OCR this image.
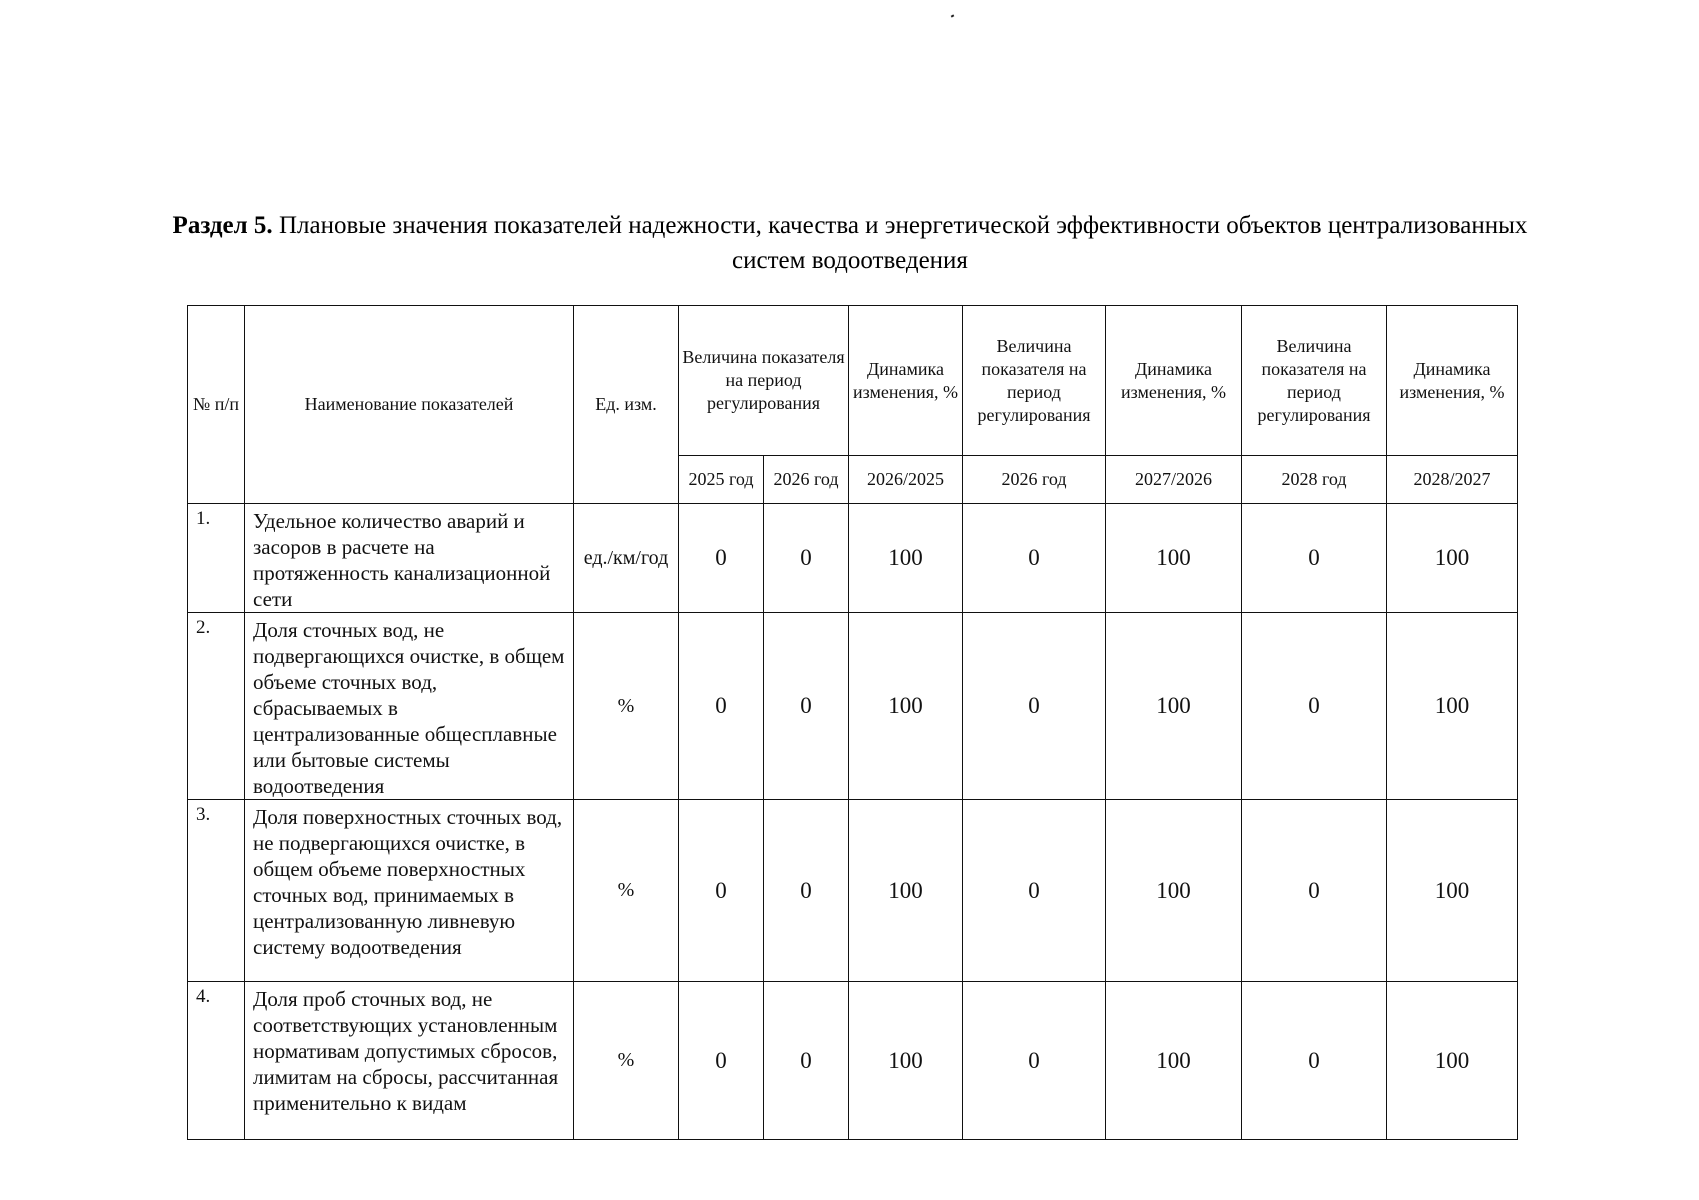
Раздел 5. Плановые значения показателей надежности, качества и энергетической эффективности объектов централизованных систем водоотведения
№ п/п	Наименование показателей	Ед. изм.	Величина показателя на период регулирования		Динамика изменения, %	Величина показателя на период регулирования	Динамика изменения, %	Величина показателя на период регулирования	Динамика изменения, %
			2025 год	2026 год	2026/2025	2026 год	2027/2026	2028 год	2028/2027
1.	Удельное количество аварий и засоров в расчете на протяженность канализационной сети	ед./км/год	0	0	100	0	100	0	100
2.	Доля сточных вод, не подвергающихся очистке, в общем объеме сточных вод, сбрасываемых в централизованные общесплавные или бытовые системы водоотведения	%	0	0	100	0	100	0	100
3.	Доля поверхностных сточных вод, не подвергающихся очистке, в общем объеме поверхностных сточных вод, принимаемых в централизованную ливневую систему водоотведения	%	0	0	100	0	100	0	100
4.	Доля проб сточных вод, не соответствующих установленным нормативам допустимых сбросов, лимитам на сбросы, рассчитанная применительно к видам	%	0	0	100	0	100	0	100
